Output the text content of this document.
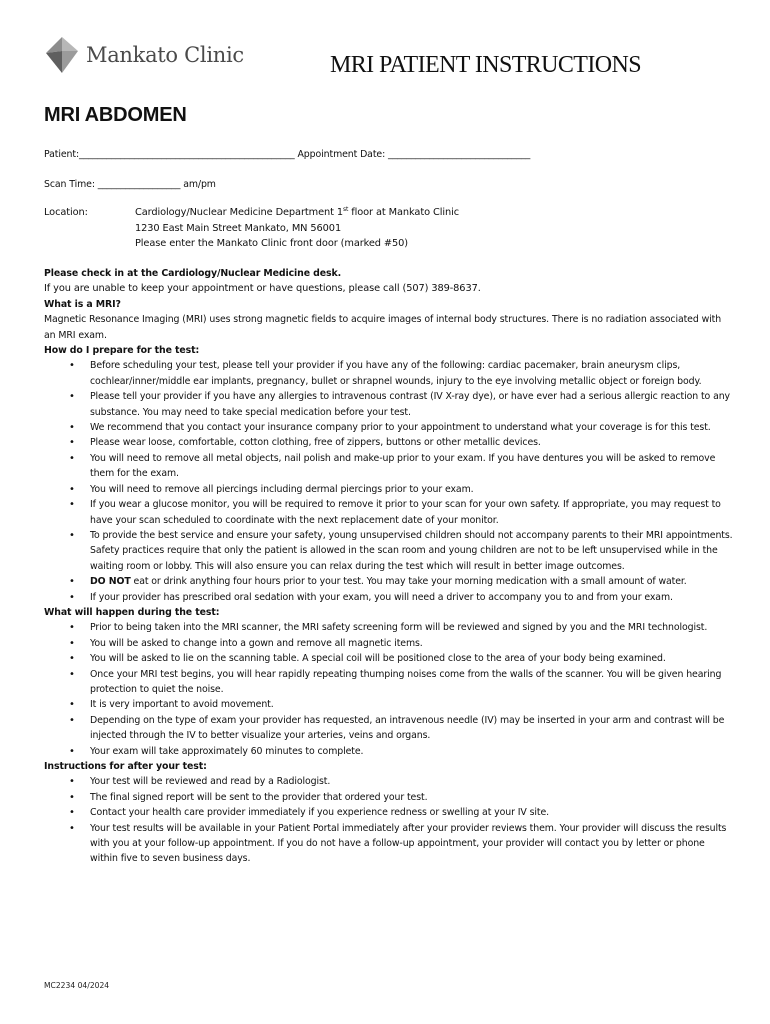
Mankato Clinic	MRI PATIENT INSTRUCTIONS
MRI ABDOMEN
Patient:_______________________________________________ Appointment Date: _______________________________
Scan Time: __________________ am/pm
Location:	Cardiology/Nuclear Medicine Department 1st floor at Mankato Clinic
1230 East Main Street Mankato, MN 56001
Please enter the Mankato Clinic front door (marked #50)

Please check in at the Cardiology/Nuclear Medicine desk.

If you are unable to keep your appointment or have questions, please call (507) 389-8637.

What is a MRI?

Magnetic Resonance Imaging (MRI) uses strong magnetic fields to acquire images of internal body structures. There is no radiation associated with an MRI exam.

How do I prepare for the test:

• Before scheduling your test, please tell your provider if you have any of the following: cardiac pacemaker, brain aneurysm clips, cochlear/inner/middle ear implants, pregnancy, bullet or shrapnel wounds, injury to the eye involving metallic object or foreign body.
• Please tell your provider if you have any allergies to intravenous contrast (IV X-ray dye), or have ever had a serious allergic reaction to any substance. You may need to take special medication before your test.
• We recommend that you contact your insurance company prior to your appointment to understand what your coverage is for this test.
• Please wear loose, comfortable, cotton clothing, free of zippers, buttons or other metallic devices.
• You will need to remove all metal objects, nail polish and make-up prior to your exam. If you have dentures you will be asked to remove them for the exam.
• You will need to remove all piercings including dermal piercings prior to your exam.
• If you wear a glucose monitor, you will be required to remove it prior to your scan for your own safety. If appropriate, you may request to have your scan scheduled to coordinate with the next replacement date of your monitor.
• To provide the best service and ensure your safety, young unsupervised children should not accompany parents to their MRI appointments. Safety practices require that only the patient is allowed in the scan room and young children are not to be left unsupervised while in the waiting room or lobby. This will also ensure you can relax during the test which will result in better image outcomes.
• DO NOT eat or drink anything four hours prior to your test. You may take your morning medication with a small amount of water.
• If your provider has prescribed oral sedation with your exam, you will need a driver to accompany you to and from your exam.

What will happen during the test:

• Prior to being taken into the MRI scanner, the MRI safety screening form will be reviewed and signed by you and the MRI technologist.
• You will be asked to change into a gown and remove all magnetic items.
• You will be asked to lie on the scanning table. A special coil will be positioned close to the area of your body being examined.
• Once your MRI test begins, you will hear rapidly repeating thumping noises come from the walls of the scanner. You will be given hearing protection to quiet the noise.
• It is very important to avoid movement.
• Depending on the type of exam your provider has requested, an intravenous needle (IV) may be inserted in your arm and contrast will be injected through the IV to better visualize your arteries, veins and organs.
• Your exam will take approximately 60 minutes to complete.

Instructions for after your test:

• Your test will be reviewed and read by a Radiologist.
• The final signed report will be sent to the provider that ordered your test.
• Contact your health care provider immediately if you experience redness or swelling at your IV site.
• Your test results will be available in your Patient Portal immediately after your provider reviews them. Your provider will discuss the results with you at your follow-up appointment. If you do not have a follow-up appointment, your provider will contact you by letter or phone within five to seven business days.
MC2234 04/2024
